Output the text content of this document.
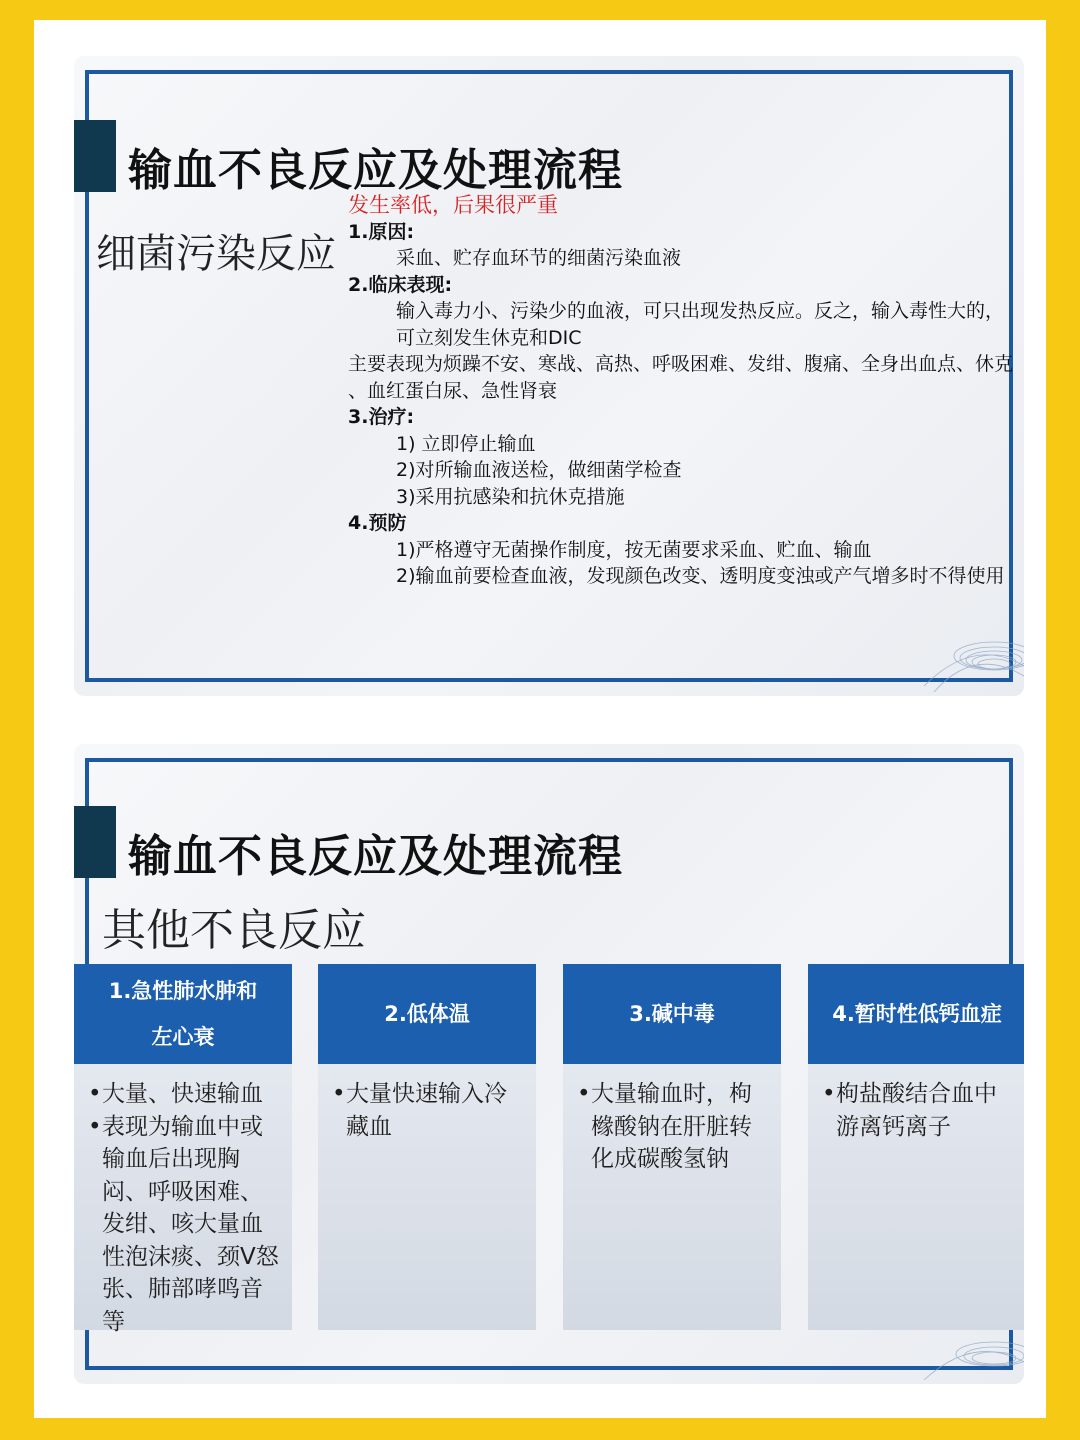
输血不良反应及处理流程
细菌污染反应
发生率低，后果很严重
1.原因:
采血、贮存血环节的细菌污染血液
2.临床表现:
输入毒力小、污染少的血液，可只出现发热反应。反之，输入毒性大的，
可立刻发生休克和DIC
主要表现为烦躁不安、寒战、高热、呼吸困难、发绀、腹痛、全身出血点、休克
、血红蛋白尿、急性肾衰
3.治疗:
1) 立即停止输血
2)对所输血液送检，做细菌学检查
3)采用抗感染和抗休克措施
4.预防
1)严格遵守无菌操作制度，按无菌要求采血、贮血、输血
2)输血前要检查血液，发现颜色改变、透明度变浊或产气增多时不得使用
输血不良反应及处理流程
其他不良反应
1.急性肺水肿和
左心衰
• 大量、快速输血
• 表现为输血中或输血后出现胸闷、呼吸困难、发绀、咳大量血性泡沫痰、颈V怒张、肺部哮鸣音等
2.低体温
• 大量快速输入冷藏血
3.碱中毒
• 大量输血时，枸橼酸钠在肝脏转化成碳酸氢钠
4.暂时性低钙血症
• 枸盐酸结合血中游离钙离子
